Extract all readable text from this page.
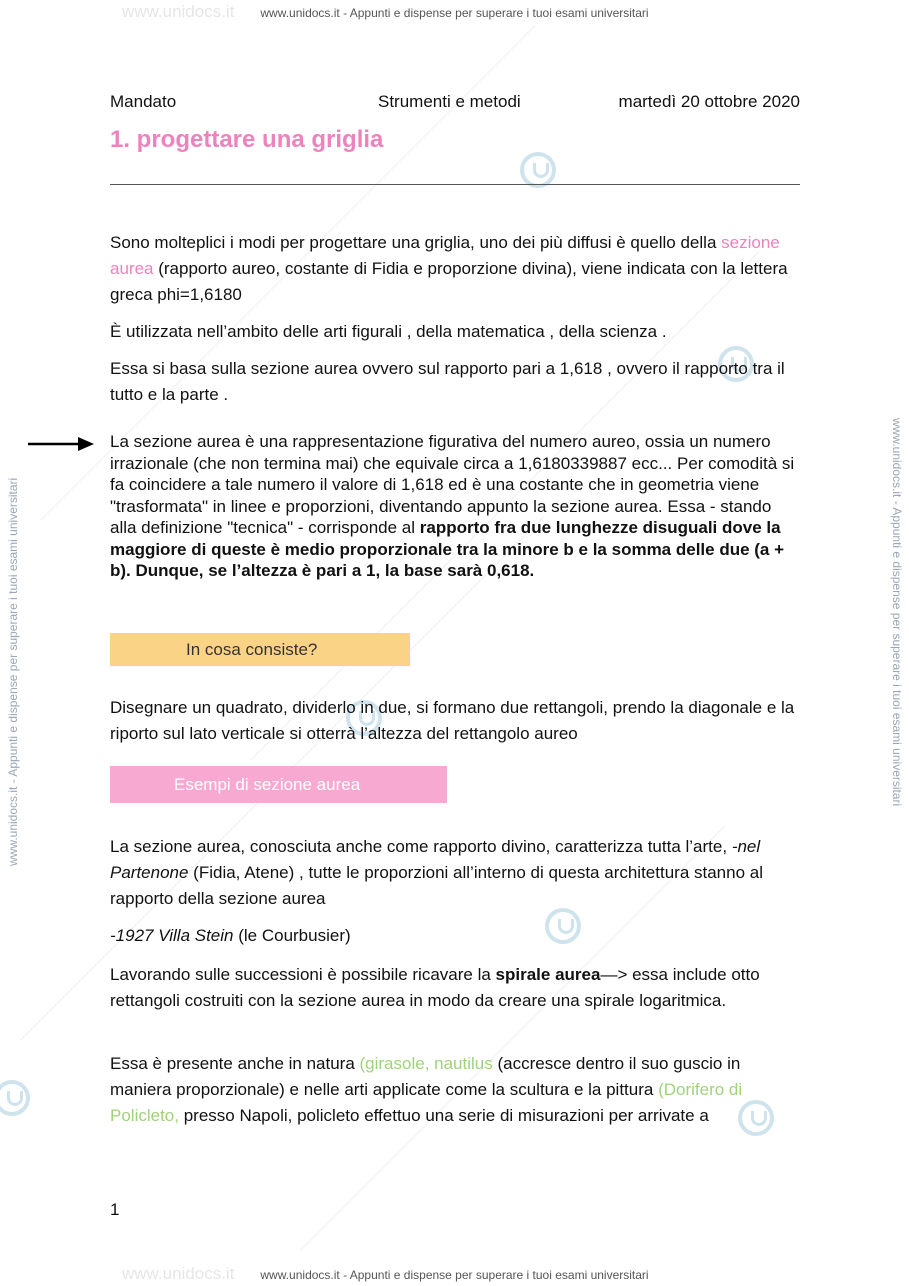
www.unidocs.it
www.unidocs.it
www.unidocs.it - Appunti e dispense per superare i tuoi esami universitari
www.unidocs.it - Appunti e dispense per superare i tuoi esami universitari
www.unidocs.it - Appunti e dispense per superare i tuoi esami universitari	www.unidocs.it - Appunti e dispense per superare i tuoi esami universitari
Mandato	Strumenti e metodi	martedì 20 ottobre 2020
1. progettare una griglia

Sono molteplici i modi per progettare una griglia, uno dei più diffusi è quello della sezione aurea (rapporto aureo, costante di Fidia e proporzione divina), viene indicata con la lettera greca phi=1,6180

È utilizzata nell’ambito delle arti figurali , della matematica , della scienza .

Essa si basa sulla sezione aurea ovvero sul rapporto pari a 1,618 , ovvero il rapporto tra il tutto e la parte .

La sezione aurea è una rappresentazione figurativa del numero aureo, ossia un numero irrazionale (che non termina mai) che equivale circa a 1,6180339887 ecc... Per comodità si fa coincidere a tale numero il valore di 1,618 ed è una costante che in geometria viene "trasformata" in linee e proporzioni, diventando appunto la sezione aurea. Essa - stando alla definizione "tecnica" - corrisponde al rapporto fra due lunghezze disuguali dove la maggiore di queste è medio proporzionale tra la minore b e la somma delle due (a + b). Dunque, se l’altezza è pari a 1, la base sarà 0,618.

In cosa consiste?

Disegnare un quadrato, dividerlo in due, si formano due rettangoli, prendo la diagonale e la riporto sul lato verticale si otterrà l’altezza del rettangolo aureo

Esempi di sezione aurea

La sezione aurea, conosciuta anche come rapporto divino, caratterizza tutta l’arte, -nel Partenone (Fidia, Atene) , tutte le proporzioni all’interno di questa architettura stanno al rapporto della sezione aurea

-1927 Villa Stein (le Courbusier)

Lavorando sulle successioni è possibile ricavare la spirale aurea—> essa include otto rettangoli costruiti con la sezione aurea in modo da creare una spirale logaritmica.

Essa è presente anche in natura (girasole, nautilus (accresce dentro il suo guscio in maniera proporzionale) e nelle arti applicate come la scultura e la pittura (Dorifero di Policleto, presso Napoli, policleto effettuo una serie di misurazioni per arrivate a

1
